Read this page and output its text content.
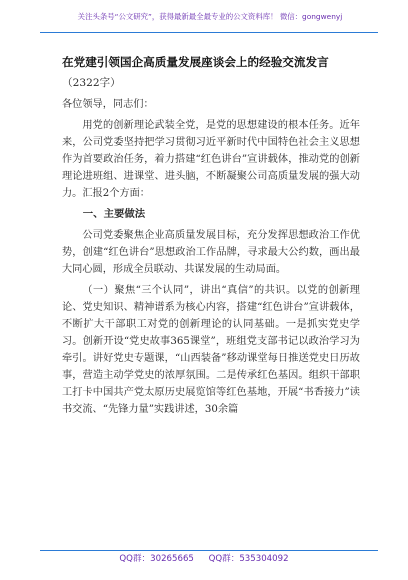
关注头条号“公文研究”，获得最新最全最专业的公文资料库！ 微信：gongwenyj

在党建引领国企高质量发展座谈会上的经验交流发言

（2322字）

各位领导，同志们：

用党的创新理论武装全党，是党的思想建设的根本任务。近年来，公司党委坚持把学习贯彻习近平新时代中国特色社会主义思想作为首要政治任务，着力搭建“红色讲台”宣讲载体，推动党的创新理论进班组、进课堂、进头脑，不断凝聚公司高质量发展的强大动力。汇报2个方面：

一、主要做法

公司党委聚焦企业高质量发展目标，充分发挥思想政治工作优势，创建“红色讲台”思想政治工作品牌，寻求最大公约数，画出最大同心圆，形成全员联动、共谋发展的生动局面。

（一）聚焦“三个认同”，讲出“真信”的共识。以党的创新理论、党史知识、精神谱系为核心内容，搭建“红色讲台”宣讲载体，不断扩大干部职工对党的创新理论的认同基础。一是抓实党史学习。创新开设“党史故事365课堂”，班组党支部书记以政治学习为牵引。讲好党史专题课，“山西装备”移动课堂每日推送党史日历故事，营造主动学党史的浓厚氛围。二是传承红色基因。组织干部职工打卡中国共产党太原历史展览馆等红色基地，开展“书香接力”读书交流、“先锋力量”实践讲述，30余篇

QQ群：30265665 QQ群：535304092
